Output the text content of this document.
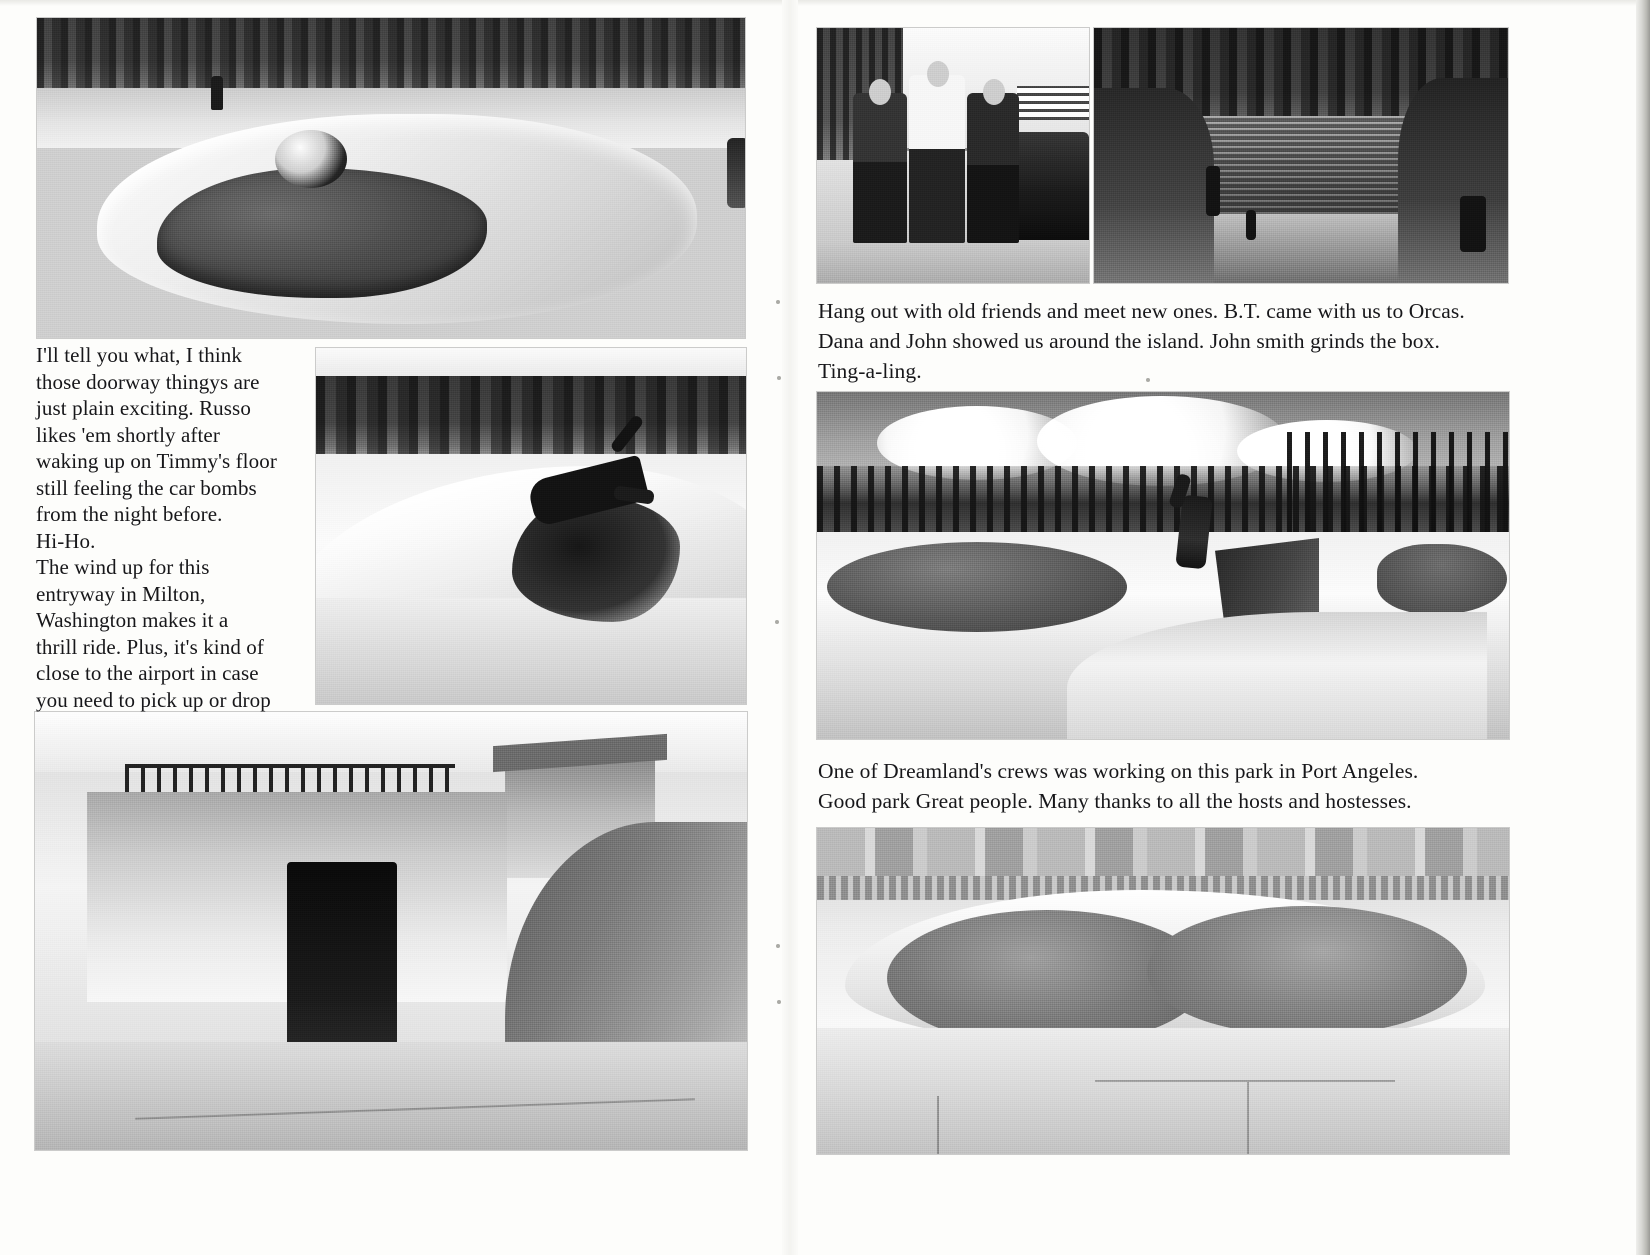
I'll tell you what, I think

those doorway thingys are

just plain exciting. Russo

likes 'em shortly after

waking up on Timmy's floor

still feeling the car bombs

from the night before.

Hi-Ho.

The wind up for this

entryway in Milton,

Washington makes it a

thrill ride. Plus, it's kind of

close to the airport in case

you need to pick up or drop

Hang out with old friends and meet new ones. B.T. came with us to Orcas.

Dana and John showed us around the island. John smith grinds the box.

Ting-a-ling.

One of Dreamland's crews was working on this park in Port Angeles.

Good park Great people. Many thanks to all the hosts and hostesses.
